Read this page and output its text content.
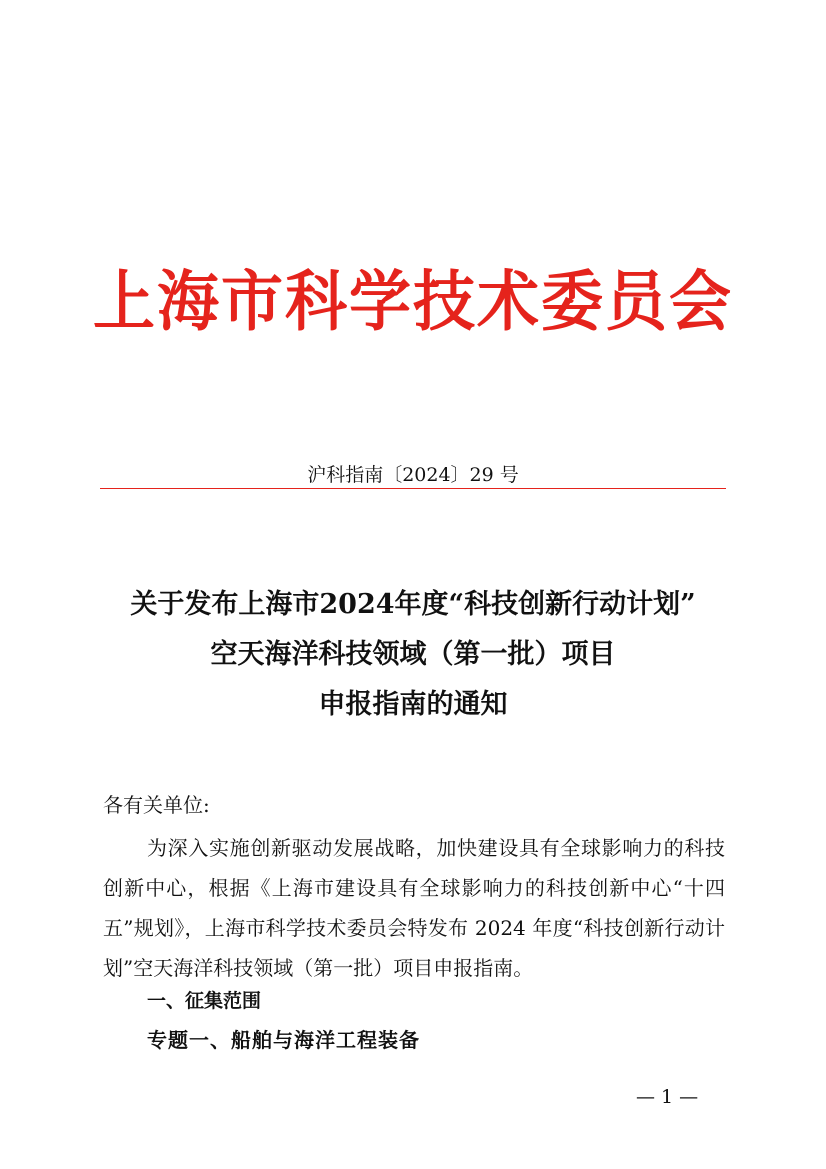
上海市科学技术委员会
沪科指南〔2024〕29 号
关于发布上海市2024年度“科技创新行动计划”
空天海洋科技领域（第一批）项目
申报指南的通知
各有关单位:

为深入实施创新驱动发展战略，加快建设具有全球影响力的科技创新中心，根据《上海市建设具有全球影响力的科技创新中心“十四五”规划》，上海市科学技术委员会特发布 2024 年度“科技创新行动计划”空天海洋科技领域（第一批）项目申报指南。

一、征集范围
专题一、船舶与海洋工程装备
— 1 —
